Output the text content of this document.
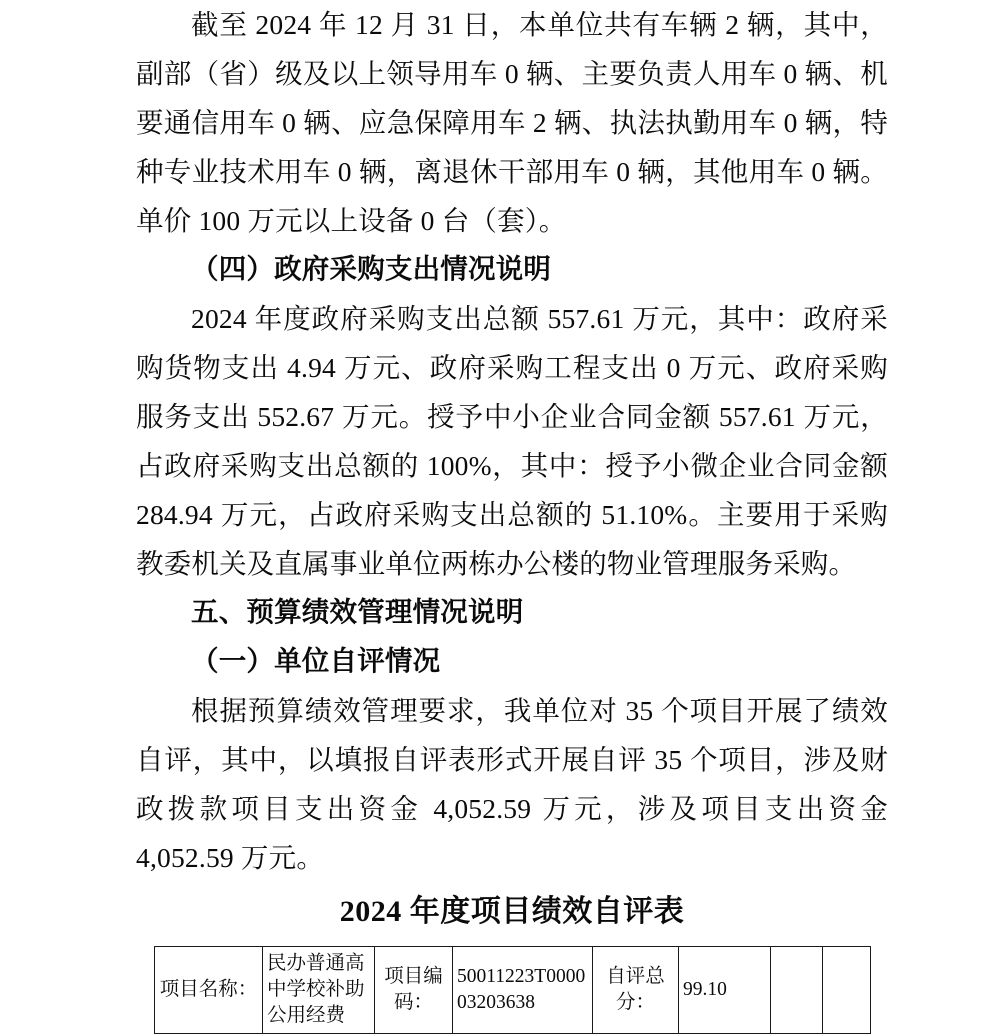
截至 2024 年 12 月 31 日，本单位共有车辆 2 辆，其中，副部（省）级及以上领导用车 0 辆、主要负责人用车 0 辆、机要通信用车 0 辆、应急保障用车 2 辆、执法执勤用车 0 辆，特种专业技术用车 0 辆，离退休干部用车 0 辆，其他用车 0 辆。单价 100 万元以上设备 0 台（套）。

（四）政府采购支出情况说明

2024 年度政府采购支出总额 557.61 万元，其中：政府采购货物支出 4.94 万元、政府采购工程支出 0 万元、政府采购服务支出 552.67 万元。授予中小企业合同金额 557.61 万元，占政府采购支出总额的 100%，其中：授予小微企业合同金额 284.94 万元，占政府采购支出总额的 51.10%。主要用于采购教委机关及直属事业单位两栋办公楼的物业管理服务采购。

五、预算绩效管理情况说明

（一）单位自评情况

根据预算绩效管理要求，我单位对 35 个项目开展了绩效自评，其中，以填报自评表形式开展自评 35 个项目，涉及财政拨款项目支出资金 4,052.59 万元，涉及项目支出资金 4,052.59 万元。

2024 年度项目绩效自评表

项目名称：	民办普通高中学校补助公用经费	项目编码：	50011223T000003203638	自评总分：	99.10		
